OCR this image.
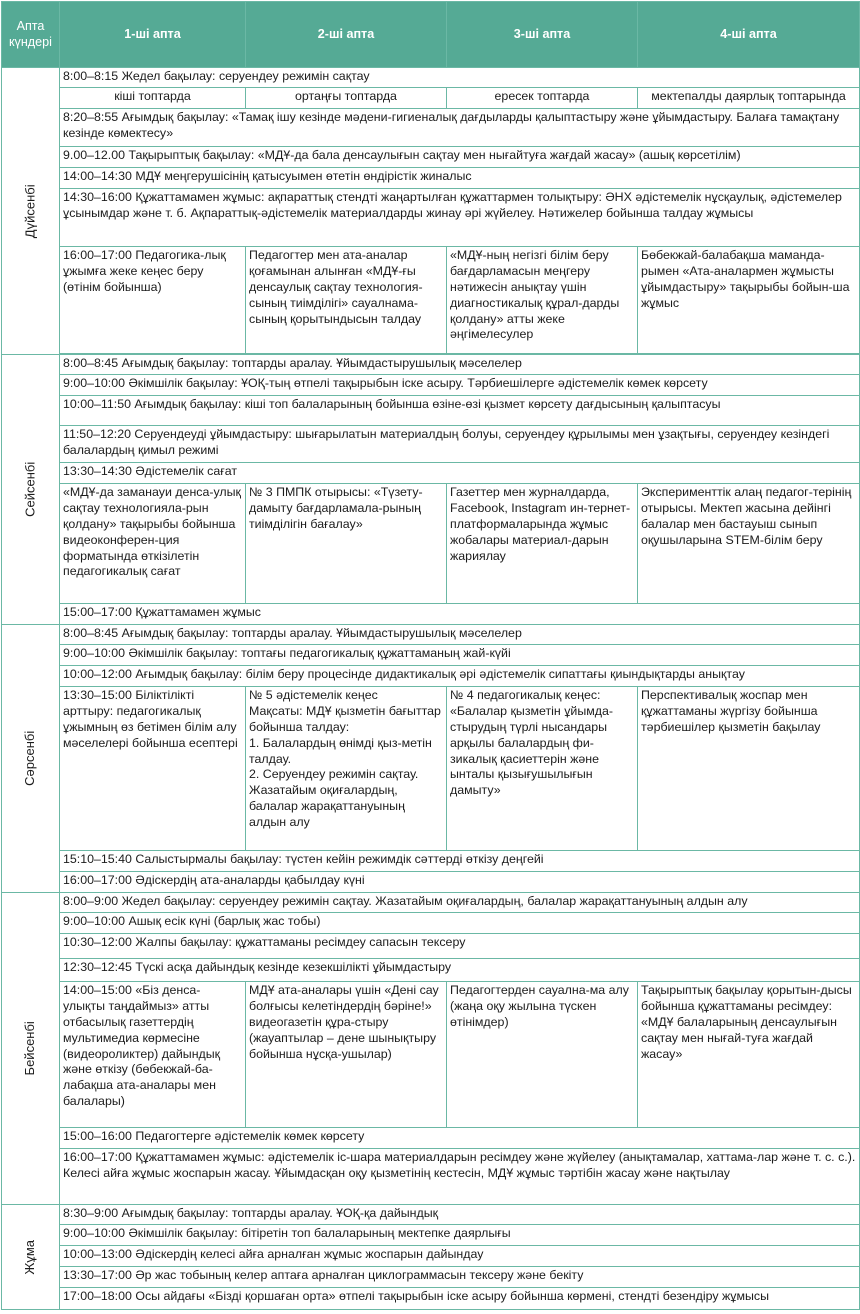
Апта күндері	1-ші апта	2-ші апта	3-ші апта	4-ші апта
Дүйсенбі	8:00–8:15 Жедел бақылау: серуендеу режимін сақтау			

	кіші топтарда	ортаңғы топтарда	ересек топтарда	мектепалды даярлық топтарында

	8:20–8:55 Ағымдық бақылау: «Тамақ ішу кезінде мәдени-гигиеналық дағдыларды қалыптастыру және ұйымдастыру. Балаға тамақтану кезінде көмектесу»			

	9.00–12.00 Тақырыптық бақылау: «МДҰ-да бала денсаулығын сақтау мен нығайтуға жағдай жасау» (ашық көрсетілім)			

	14:00–14:30 МДҰ меңгерушісінің қатысуымен өтетін өндірістік жиналыс			

	14:30–16:00 Құжаттамамен жұмыс: ақпараттық стендті жаңартылған құжаттармен толықтыру: ӘНХ әдістемелік нұсқаулық, әдістемелер ұсынымдар және т. б. Ақпараттық-әдістемелік материалдарды жинау әрі жүйелеу. Нәтижелер бойынша талдау жұмысы			

	16:00–17:00 Педагогика-лық ұжымға жеке кеңес беру (өтінім бойынша)	Педагогтер мен ата-аналар қоғамынан алынған «МДҰ-ғы денсаулық сақтау технология-сының тиімділігі» сауалнама-сының қорытындысын талдау	«МДҰ-ның негізгі білім беру бағдарламасын меңгеру нәтижесін анықтау үшін диагностикалық құрал-дарды қолдану» атты жеке әңгімелесулер	Бөбекжай-балабақша маманда-рымен «Ата-аналармен жұмысты ұйымдастыру» тақырыбы бойын-ша жұмыс

Сейсенбі	8:00–8:45 Ағымдық бақылау: топтарды аралау. Ұйымдастырушылық мәселелер			

	9:00–10:00 Әкімшілік бақылау: ҰОҚ-тың өтпелі тақырыбын іске асыру. Тәрбиешілерге әдістемелік көмек көрсету			

	10:00–11:50 Ағымдық бақылау: кіші топ балаларының бойынша өзіне-өзі қызмет көрсету дағдысының қалыптасуы			

	11:50–12:20 Серуендеуді ұйымдастыру: шығарылатын материалдың болуы, серуендеу құрылымы мен ұзақтығы, серуендеу кезіндегі балалардың қимыл режимі			

	13:30–14:30 Әдістемелік сағат			

	«МДҰ-да заманауи денса-улық сақтау технологияла-рын қолдану» тақырыбы бойынша видеоконферен-ция форматында өткізілетін педагогикалық сағат	№ 3 ПМПК отырысы: «Түзету-дамыту бағдарламала-рының тиімділігін бағалау»	Газеттер мен журналдарда, Facebook, Instagram ин-тернет-платформаларында жұмыс жобалары материал-дарын жариялау	Эксперименттік алаң педагог-терінің отырысы. Мектеп жасына дейінгі балалар мен бастауыш сынып оқушыларына STEM-білім беру

	15:00–17:00 Құжаттамамен жұмыс			

Сәрсенбі	8:00–8:45 Ағымдық бақылау: топтарды аралау. Ұйымдастырушылық мәселелер			

	9:00–10:00 Әкімшілік бақылау: топтағы педагогикалық құжаттаманың жай-күйі			

	10:00–12:00 Ағымдық бақылау: білім беру процесінде дидактикалық әрі әдістемелік сипаттағы қиындықтарды анықтау			

	13:30–15:00 Біліктілікті арттыру: педагогикалық ұжымның өз бетімен білім алу мәселелері бойынша есептері	№ 5 әдістемелік кеңес
Мақсаты: МДҰ қызметін бағыттар бойынша талдау:
1. Балалардың өнімді қыз-метін талдау.
2. Серуендеу режимін сақтау. Жазатайым оқиғалардың, балалар жарақаттануының алдын алу	№ 4 педагогикалық кеңес: «Балалар қызметін ұйымда-стырудың түрлі нысандары арқылы балалардың фи-зикалық қасиеттерін және ынталы қызығушылығын дамыту»	Перспективалық жоспар мен құжаттаманы жүргізу бойынша тәрбиешілер қызметін бақылау

	15:10–15:40 Салыстырмалы бақылау: түстен кейін режимдік сәттерді өткізу деңгейі			

	16:00–17:00 Әдіскердің ата-аналарды қабылдау күні			

Бейсенбі	8:00–9:00 Жедел бақылау: серуендеу режимін сақтау. Жазатайым оқиғалардың, балалар жарақаттануының алдын алу			

	9:00–10:00 Ашық есік күні (барлық жас тобы)			

	10:30–12:00 Жалпы бақылау: құжаттаманы ресімдеу сапасын тексеру			

	12:30–12:45 Түскі асқа дайындық кезінде кезекшілікті ұйымдастыру			

	14:00–15:00 «Біз денса-улықты таңдаймыз» атты отбасылық газеттердің мультимедиа көрмесіне (видеороликтер) дайындық және өткізу (бөбекжай-ба-лабақша ата-аналары мен балалары)	МДҰ ата-аналары үшін «Дені сау болғысы келетіндердің бәріне!» видеогазетін құра-стыру (жауаптылар – дене шынықтыру бойынша нұсқа-ушылар)	Педагогтерден сауална-ма алу (жаңа оқу жылына түскен өтінімдер)	Тақырыптық бақылау қорытын-дысы бойынша құжаттаманы ресімдеу: «МДҰ балаларының денсаулығын сақтау мен нығай-туға жағдай жасау»

	15:00–16:00 Педагогтерге әдістемелік көмек көрсету			

	16:00–17:00 Құжаттамамен жұмыс: әдістемелік іс-шара материалдарын ресімдеу және жүйелеу (анықтамалар, хаттама-лар және т. с. с.). Келесі айға жұмыс жоспарын жасау. Ұйымдасқан оқу қызметінің кестесін, МДҰ жұмыс тәртібін жасау және нақтылау			

Жұма	8:30–9:00 Ағымдық бақылау: топтарды аралау. ҰОҚ-қа дайындық			

	9:00–10:00 Әкімшілік бақылау: бітіретін топ балаларының мектепке даярлығы			

	10:00–13:00 Әдіскердің келесі айға арналған жұмыс жоспарын дайындау			

	13:30–17:00 Әр жас тобының келер аптаға арналған циклограммасын тексеру және бекіту			

	17:00–18:00 Осы айдағы «Бізді қоршаған орта» өтпелі тақырыбын іске асыру бойынша көрмені, стендті безендіру жұмысы			
